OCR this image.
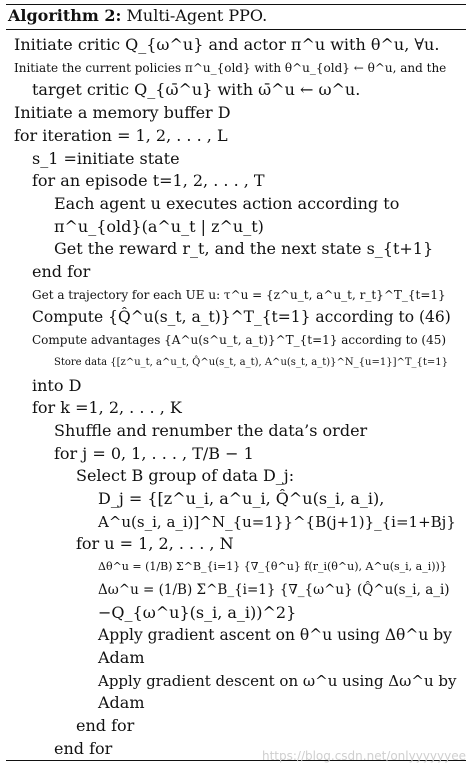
Algorithm 2: Multi-Agent PPO.
Initiate critic Q_{ω^u} and actor π^u with θ^u, ∀u.
Initiate the current policies π^u_{old} with θ^u_{old} ← θ^u, and the
target critic Q_{ω̄^u} with ω̄^u ← ω^u.
Initiate a memory buffer D
for iteration = 1, 2, . . . , L
s_1 =initiate state
for an episode t=1, 2, . . . , T
Each agent u executes action according to
π^u_{old}(a^u_t | z^u_t)
Get the reward r_t, and the next state s_{t+1}
end for
Get a trajectory for each UE u: τ^u = {z^u_t, a^u_t, r_t}^T_{t=1}
Compute {Q̂^u(s_t, a_t)}^T_{t=1} according to (46)
Compute advantages {A^u(s^u_t, a_t)}^T_{t=1} according to (45)
Store data {[z^u_t, a^u_t, Q̂^u(s_t, a_t), A^u(s_t, a_t)}^N_{u=1}]^T_{t=1}
into D
for k =1, 2, . . . , K
Shuffle and renumber the data’s order
for j = 0, 1, . . . , T/B − 1
Select B group of data D_j:
D_j = {[z^u_i, a^u_i, Q̂^u(s_i, a_i),
A^u(s_i, a_i)]^N_{u=1}}^{B(j+1)}_{i=1+Bj}
for u = 1, 2, . . . , N
Δθ^u = (1/B) Σ^B_{i=1} {∇_{θ^u} f(r_i(θ^u), A^u(s_i, a_i))}
Δω^u = (1/B) Σ^B_{i=1} {∇_{ω^u} (Q̂^u(s_i, a_i)
−Q_{ω^u}(s_i, a_i))^2}
Apply gradient ascent on θ^u using Δθ^u by
Adam
Apply gradient descent on ω^u using Δω^u by
Adam
end for
end for	https://blog.csdn.net/onlyyyyyyee
